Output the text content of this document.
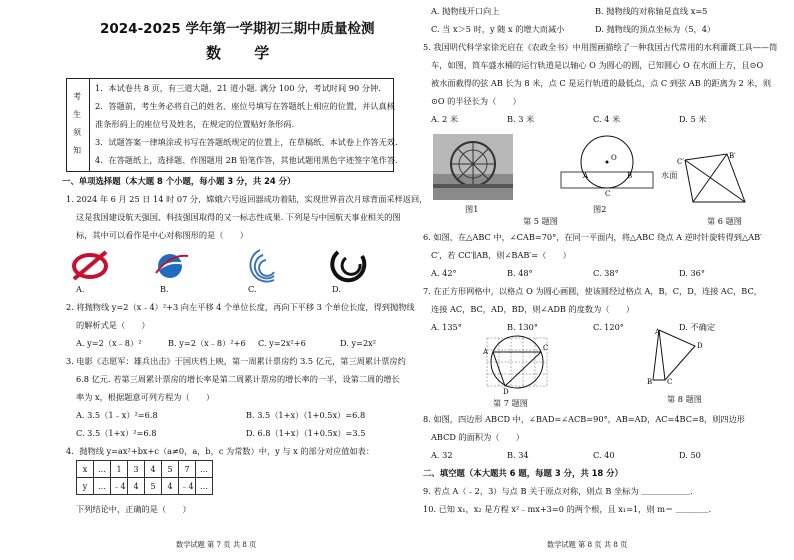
2024-2025 学年第一学期初三期中质量检测
数 学
考
生
须
知
1．本试卷共 8 页，有三道大题，21 道小题. 满分 100 分，考试时间 90 分钟.
2．答题前，考生务必将自己的姓名、座位号填写在答题纸上相应的位置，并认真核
准条形码上的座位号及姓名，在规定的位置贴好条形码.
3．试题答案一律填涂或书写在答题纸规定的位置上，在草稿纸、本试卷上作答无效.
4．在答题纸上，选择题、作图题用 2B 铅笔作答，其他试题用黑色字迹签字笔作答.
一、单项选择题（本大题 8 个小题，每小题 3 分，共 24 分）
1. 2024 年 6 月 25 日 14 时 07 分，嫦娥六号返回器成功着陆，实现世界首次月球背面采样返回，
这是我国建设航天强国、科技强国取得的又一标志性成果. 下列是与中国航天事业相关的图
标，其中可以看作是中心对称图形的是（　　）
A.	B.	C.	D.
2. 将抛物线 y=2（x﹣4）²+3 向左平移 4 个单位长度，再向下平移 3 个单位长度，得到抛物线
的解析式是（　　）
A. y=2（x﹣8）²	B. y=2（x﹣8）²+6 C. y=2x²+6	D. y=2x²
3. 电影《志愿军：雄兵出击》于国庆档上映，第一周累计票房约 3.5 亿元，第三周累计票房约
6.8 亿元. 若第三周累计票房的增长率是第二周累计票房的增长率的一半，设第二周的增长
率为 x，根据题意可列方程为（　　）
A. 3.5（1﹣x）²=6.8	B. 3.5（1+x）（1+0.5x）=6.8
C. 3.5（1+x）²=6.8	D. 6.8（1+x）（1+0.5x）=3.5
4．抛物线 y=ax²+bx+c（a≠0，a，b，c 为常数）中，y 与 x 的部分对应值如表：
x	…	1	3	4	5	7	…
y	…	﹣4	4	5	4	﹣4	…
下列结论中，正确的是（　　）
数学试题 第 7 页 共 8 页
A. 抛物线开口向上	B. 抛物线的对称轴是直线 x=5
C. 当 x＞5 时，y 随 x 的增大而减小	D. 抛物线的顶点坐标为（5，4）
5. 我国明代科学家徐光启在《农政全书》中用图画描绘了一种我国古代常用的水利灌溉工具——筒
车，如图，筒车盛水桶的运行轨道是以轴心 O 为圆心的圆，已知圆心 O 在水面上方，且⊙O
被水面截得的弦 AB 长为 8 米，点 C 是运行轨道的最低点，点 C 到弦 AB 的距离为 2 米，则
⊙O 的半径长为（　　）
A. 2 米	B. 3 米	C. 4 米	D. 5 米
图1
O
A	B
C
水面
图2
第 5 题图
C′
B′
第 6 题图
6. 如图，在△ABC 中，∠CAB=70°，在同一平面内，将△ABC 绕点 A 逆时针旋转得到△AB′
C′，若 CC′∥AB，则∠BAB′=（　　）
A. 42°	B. 48°	C. 38°	D. 36°
7. 在正方形网格中，以格点 O 为圆心画圆，使该圆经过格点 A，B，C，D，连接 AC，BC，
连接 AC，BC，AD，BD，则∠ADB 的度数为（　　）
A. 135°	B. 130°	C. 120°	D. 不确定
A	C
D
第 7 题图
A
D
B C
第 8 题图
8. 如图，四边形 ABCD 中，∠BAD=∠ACB=90°，AB=AD，AC=4BC=8，则四边形
ABCD 的面积为（　　）
A. 32	B. 34	C. 40	D. 50
二、填空题（本大题共 6 题，每题 3 分，共 18 分）
9. 若点 A（﹣2，3）与点 B 关于原点对称，则点 B 坐标为 ＿＿＿＿＿＿.
10. 已知 x₁，x₂ 是方程 x²﹣mx+3=0 的两个根，且 x₁=1，则 m＝ ＿＿＿＿.
数学试题 第 8 页 共 8 页
